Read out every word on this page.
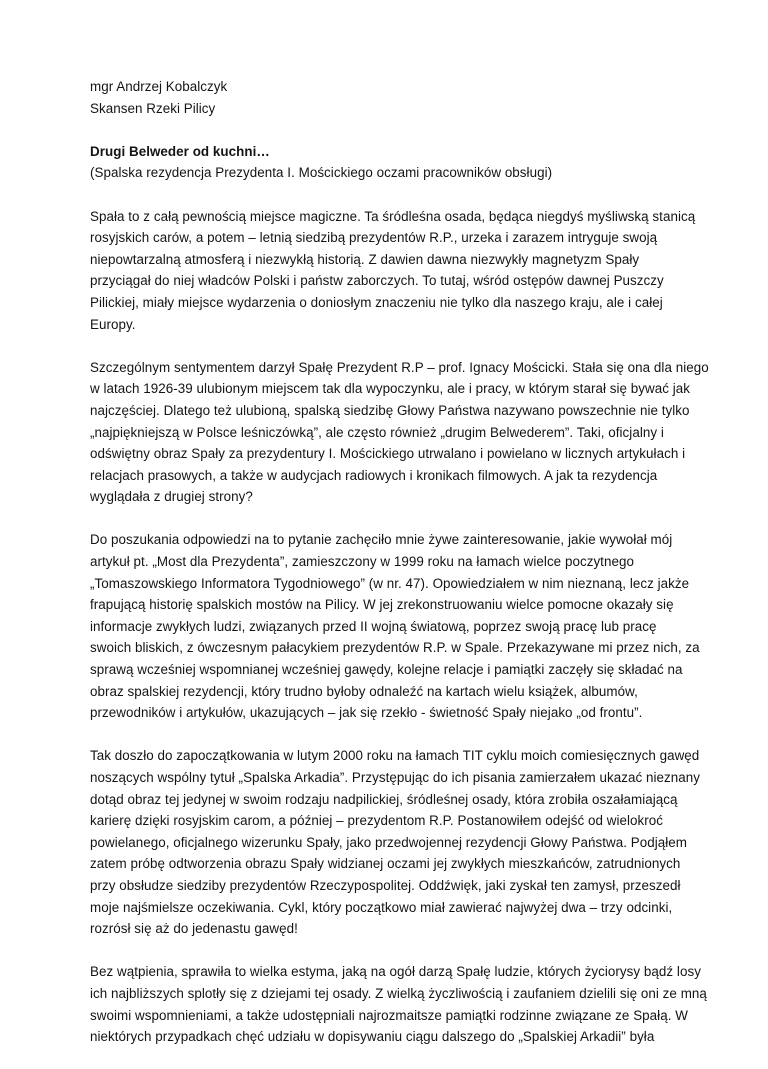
mgr Andrzej Kobalczyk
Skansen Rzeki Pilicy
Drugi Belweder od kuchni…
(Spalska rezydencja Prezydenta I. Mościckiego oczami pracowników obsługi)
Spała to z całą pewnością miejsce magiczne. Ta śródleśna osada, będąca niegdyś myśliwską stanicą
rosyjskich carów, a potem – letnią siedzibą prezydentów R.P., urzeka i zarazem intryguje swoją
niepowtarzalną atmosferą i niezwykłą historią. Z dawien dawna niezwykły magnetyzm Spały
przyciągał do niej władców Polski i państw zaborczych. To tutaj, wśród ostępów dawnej Puszczy
Pilickiej, miały miejsce wydarzenia o doniosłym znaczeniu nie tylko dla naszego kraju, ale i całej
Europy.
Szczególnym sentymentem darzył Spałę Prezydent R.P – prof. Ignacy Mościcki. Stała się ona dla niego
w latach 1926-39 ulubionym miejscem tak dla wypoczynku, ale i pracy, w którym starał się bywać jak
najczęściej. Dlatego też ulubioną, spalską siedzibę Głowy Państwa nazywano powszechnie nie tylko
„najpiękniejszą w Polsce leśniczówką”, ale często również „drugim Belwederem”. Taki, oficjalny i
odświętny obraz Spały za prezydentury I. Mościckiego utrwalano i powielano w licznych artykułach i
relacjach prasowych, a także w audycjach radiowych i kronikach filmowych. A jak ta rezydencja
wyglądała z drugiej strony?
Do poszukania odpowiedzi na to pytanie zachęciło mnie żywe zainteresowanie, jakie wywołał mój
artykuł pt. „Most dla Prezydenta”, zamieszczony w 1999 roku na łamach wielce poczytnego
„Tomaszowskiego Informatora Tygodniowego” (w nr. 47). Opowiedziałem w nim nieznaną, lecz jakże
frapującą historię spalskich mostów na Pilicy. W jej zrekonstruowaniu wielce pomocne okazały się
informacje zwykłych ludzi, związanych przed II wojną światową, poprzez swoją pracę lub pracę
swoich bliskich, z ówczesnym pałacykiem prezydentów R.P. w Spale. Przekazywane mi przez nich, za
sprawą wcześniej wspomnianej wcześniej gawędy, kolejne relacje i pamiątki zaczęły się składać na
obraz spalskiej rezydencji, który trudno byłoby odnaleźć na kartach wielu książek, albumów,
przewodników i artykułów, ukazujących – jak się rzekło - świetność Spały niejako „od frontu”.
Tak doszło do zapoczątkowania w lutym 2000 roku na łamach TIT cyklu moich comiesięcznych gawęd
noszących wspólny tytuł „Spalska Arkadia”. Przystępując do ich pisania zamierzałem ukazać nieznany
dotąd obraz tej jedynej w swoim rodzaju nadpilickiej, śródleśnej osady, która zrobiła oszałamiającą
karierę dzięki rosyjskim carom, a później – prezydentom R.P. Postanowiłem odejść od wielokroć
powielanego, oficjalnego wizerunku Spały, jako przedwojennej rezydencji Głowy Państwa. Podjąłem
zatem próbę odtworzenia obrazu Spały widzianej oczami jej zwykłych mieszkańców, zatrudnionych
przy obsłudze siedziby prezydentów Rzeczypospolitej. Oddźwięk, jaki zyskał ten zamysł, przeszedł
moje najśmielsze oczekiwania. Cykl, który początkowo miał zawierać najwyżej dwa – trzy odcinki,
rozrósł się aż do jedenastu gawęd!
Bez wątpienia, sprawiła to wielka estyma, jaką na ogół darzą Spałę ludzie, których życiorysy bądź losy
ich najbliższych splotły się z dziejami tej osady. Z wielką życzliwością i zaufaniem dzielili się oni ze mną
swoimi wspomnieniami, a także udostępniali najrozmaitsze pamiątki rodzinne związane ze Spałą. W
niektórych przypadkach chęć udziału w dopisywaniu ciągu dalszego do „Spalskiej Arkadii” była
